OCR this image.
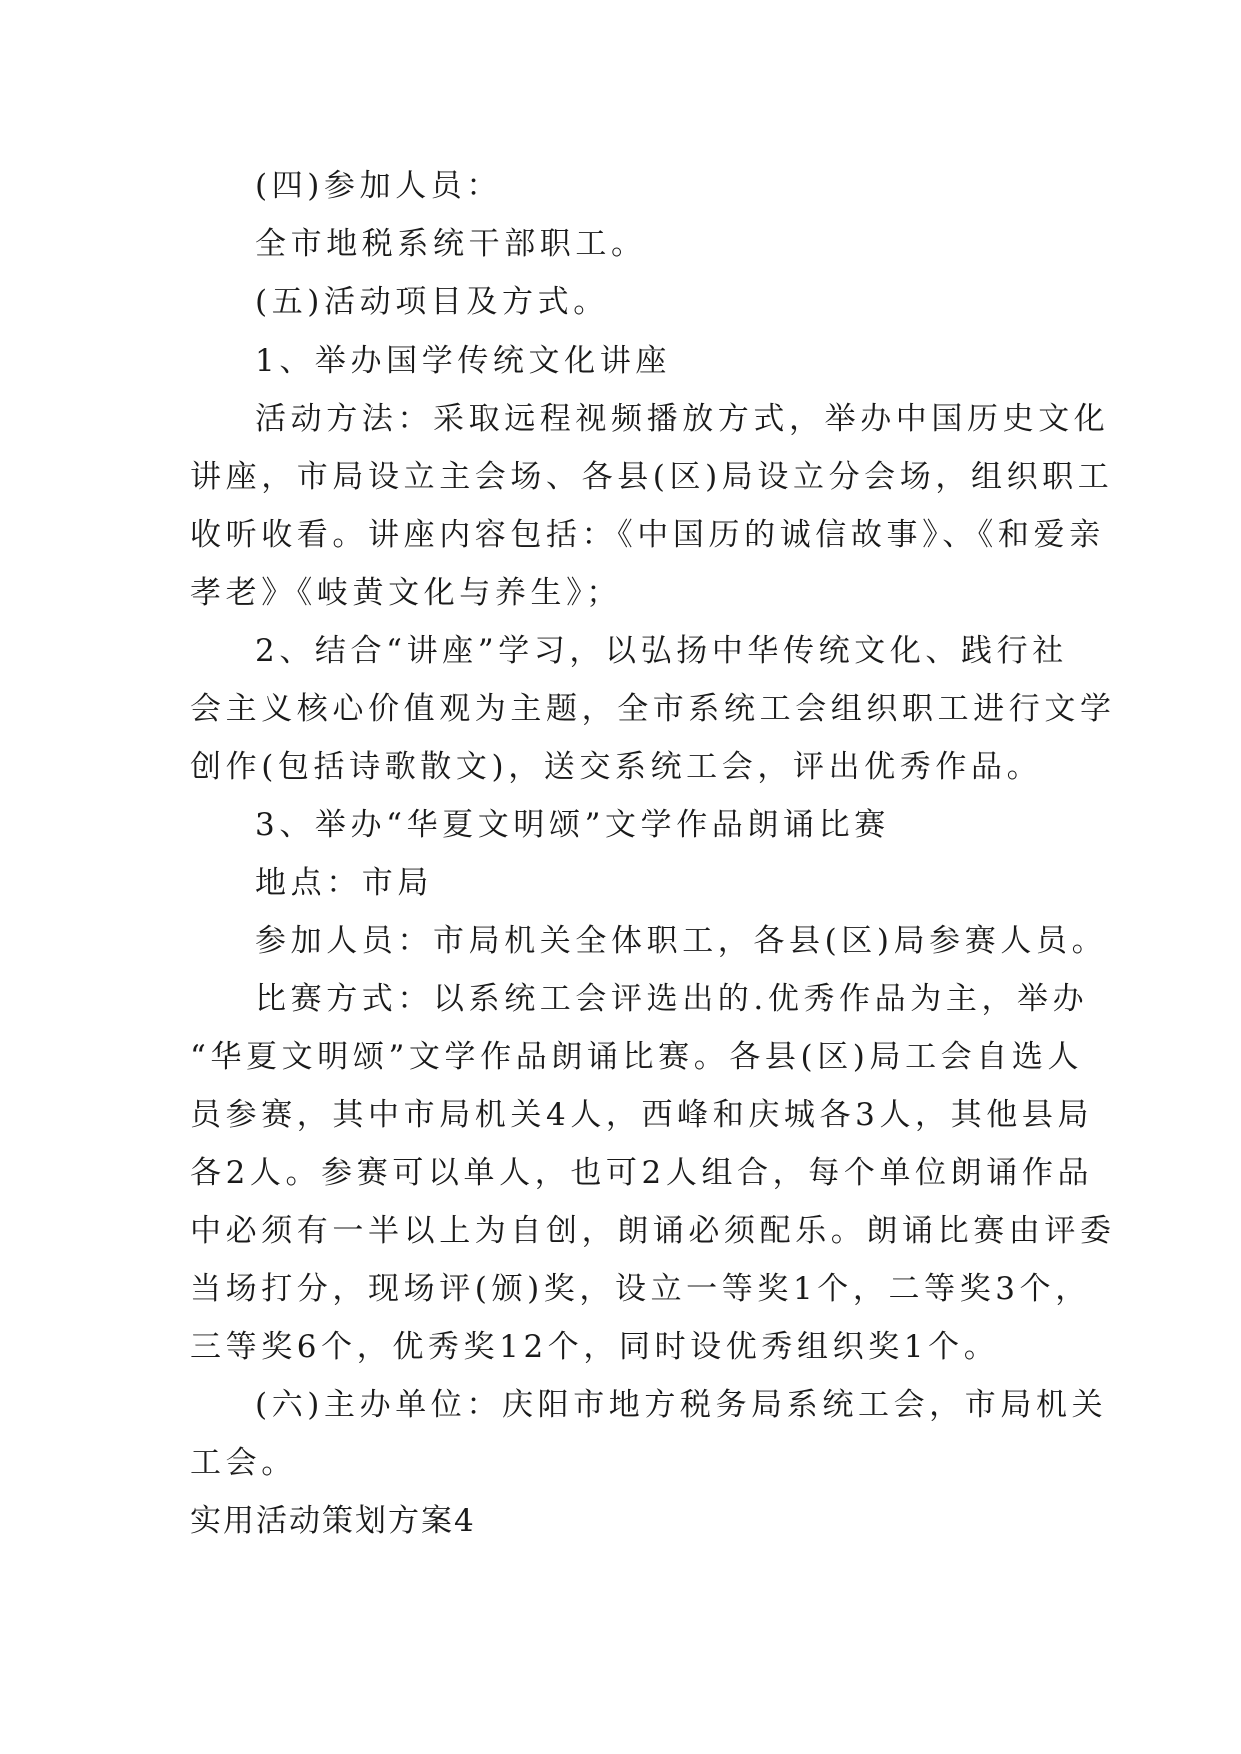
(四)参加人员：
全市地税系统干部职工。
(五)活动项目及方式。
1、举办国学传统文化讲座
活动方法：采取远程视频播放方式，举办中国历史文化
讲座，市局设立主会场、各县(区)局设立分会场，组织职工
收听收看。讲座内容包括：《中国历的诚信故事》、《和爱亲
孝老》《岐黄文化与养生》；
2、结合“讲座”学习，以弘扬中华传统文化、践行社
会主义核心价值观为主题，全市系统工会组织职工进行文学
创作(包括诗歌散文)，送交系统工会，评出优秀作品。
3、举办“华夏文明颂”文学作品朗诵比赛
地点：市局
参加人员：市局机关全体职工，各县(区)局参赛人员。
比赛方式：以系统工会评选出的.优秀作品为主，举办
“华夏文明颂”文学作品朗诵比赛。各县(区)局工会自选人
员参赛，其中市局机关4人，西峰和庆城各3人，其他县局
各2人。参赛可以单人，也可2人组合，每个单位朗诵作品
中必须有一半以上为自创，朗诵必须配乐。朗诵比赛由评委
当场打分，现场评(颁)奖，设立一等奖1个，二等奖3个，
三等奖6个，优秀奖12个，同时设优秀组织奖1个。
(六)主办单位：庆阳市地方税务局系统工会，市局机关
工会。
实用活动策划方案4
